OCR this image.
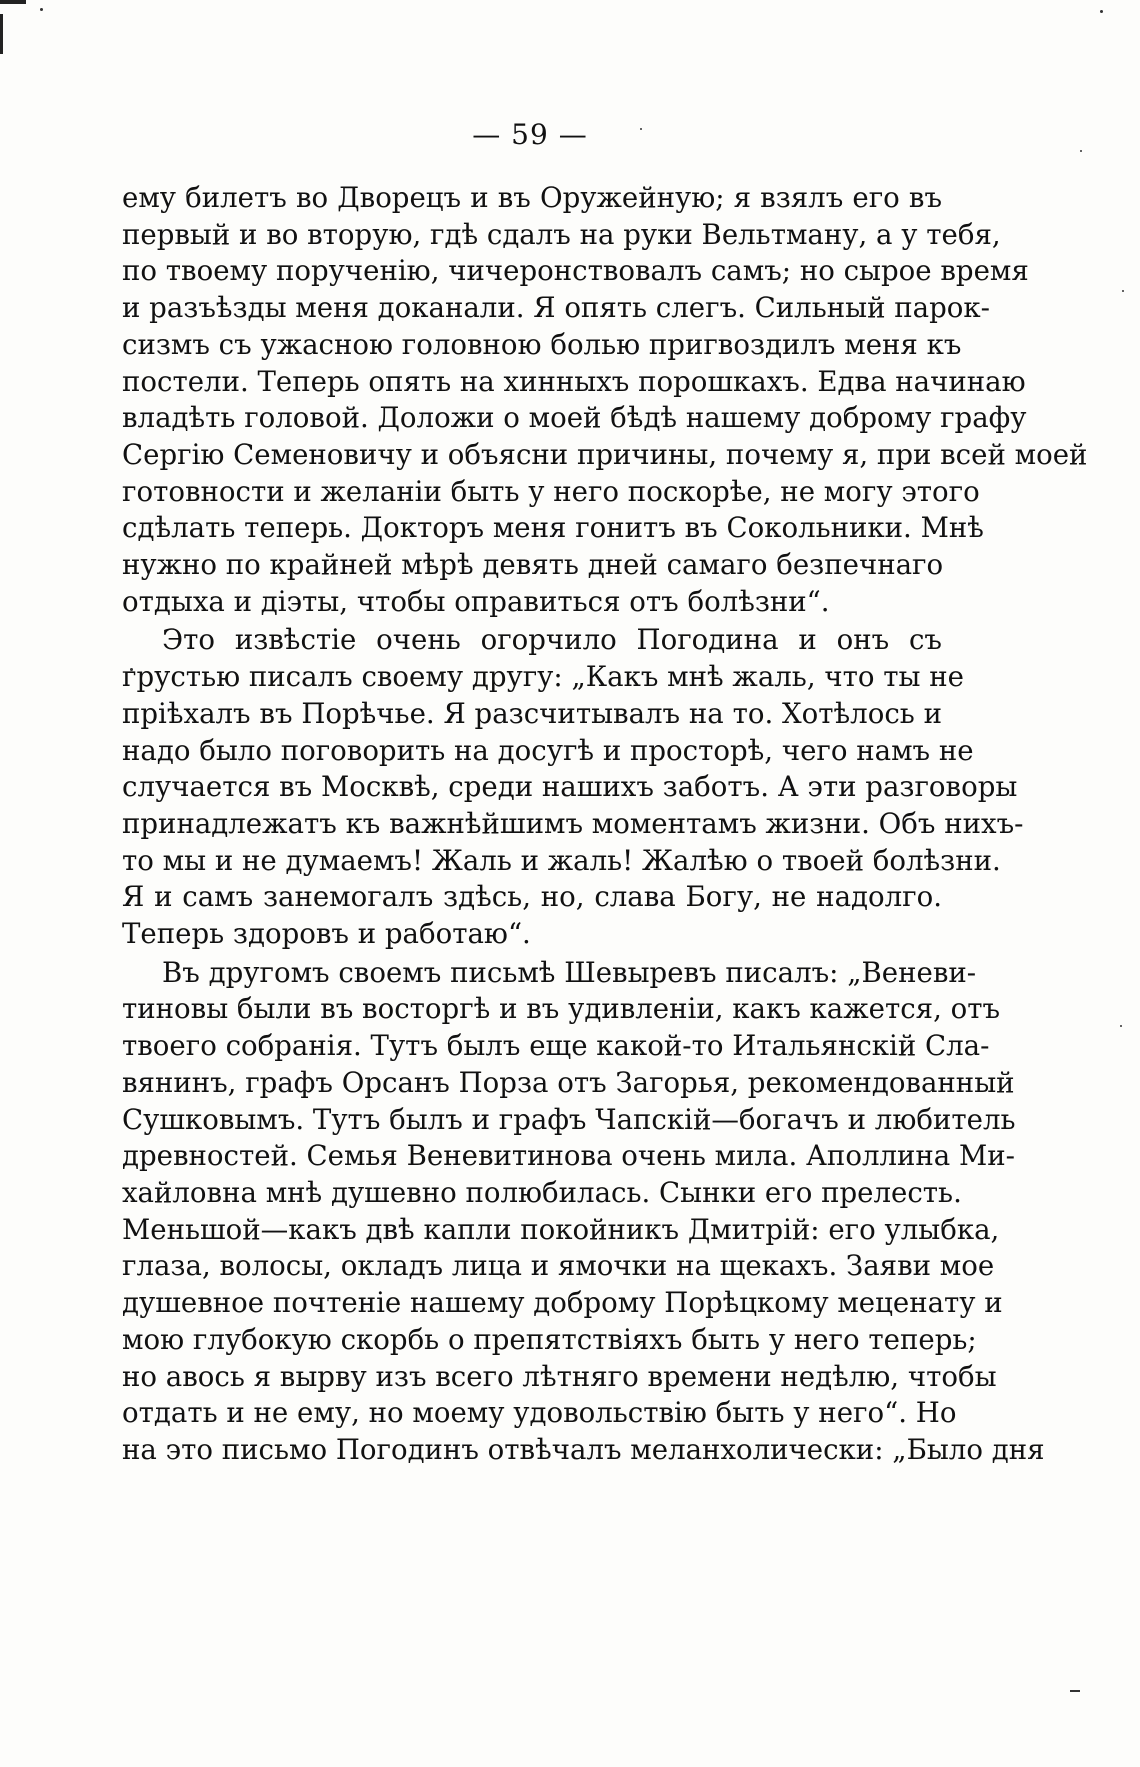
— 59 —
ему билетъ во Дворецъ и въ Оружейную; я взялъ его въ
первый и во вторую, гдѣ сдалъ на руки Вельтману, а у тебя,
по твоему порученію, чичеронствовалъ самъ; но сырое время
и разъѣзды меня доканали. Я опять слегъ. Сильный парок-
сизмъ съ ужасною головною болью пригвоздилъ меня къ
постели. Теперь опять на хинныхъ порошкахъ. Едва начинаю
владѣть головой. Доложи о моей бѣдѣ нашему доброму графу
Сергію Семеновичу и объясни причины, почему я, при всей моей
готовности и желаніи быть у него поскорѣе, не могу этого
сдѣлать теперь. Докторъ меня гонитъ въ Сокольники. Мнѣ
нужно по крайней мѣрѣ девять дней самаго безпечнаго
отдыха и діэты, чтобы оправиться отъ болѣзни“.
Это извѣстіе очень огорчило Погодина и онъ съ
грустью писалъ своему другу: „Какъ мнѣ жаль, что ты не
пріѣхалъ въ Порѣчье. Я разсчитывалъ на то. Хотѣлось и
надо было поговорить на досугѣ и просторѣ, чего намъ не
случается въ Москвѣ, среди нашихъ заботъ. А эти разговоры
принадлежатъ къ важнѣйшимъ моментамъ жизни. Объ нихъ-
то мы и не думаемъ! Жаль и жаль! Жалѣю о твоей болѣзни.
Я и самъ занемогалъ здѣсь, но, слава Богу, не надолго.
Теперь здоровъ и работаю“.
Въ другомъ своемъ письмѣ Шевыревъ писалъ: „Веневи-
тиновы были въ восторгѣ и въ удивленіи, какъ кажется, отъ
твоего собранія. Тутъ былъ еще какой-то Итальянскій Сла-
вянинъ, графъ Орсанъ Порза отъ Загорья, рекомендованный
Сушковымъ. Тутъ былъ и графъ Чапскій—богачъ и любитель
древностей. Семья Веневитинова очень мила. Аполлина Ми-
хайловна мнѣ душевно полюбилась. Сынки его прелесть.
Меньшой—какъ двѣ капли покойникъ Дмитрій: его улыбка,
глаза, волосы, окладъ лица и ямочки на щекахъ. Заяви мое
душевное почтеніе нашему доброму Порѣцкому меценату и
мою глубокую скорбь о препятствіяхъ быть у него теперь;
но авось я вырву изъ всего лѣтняго времени недѣлю, чтобы
отдать и не ему, но моему удовольствію быть у него“. Но
на это письмо Погодинъ отвѣчалъ меланхолически: „Было дня
